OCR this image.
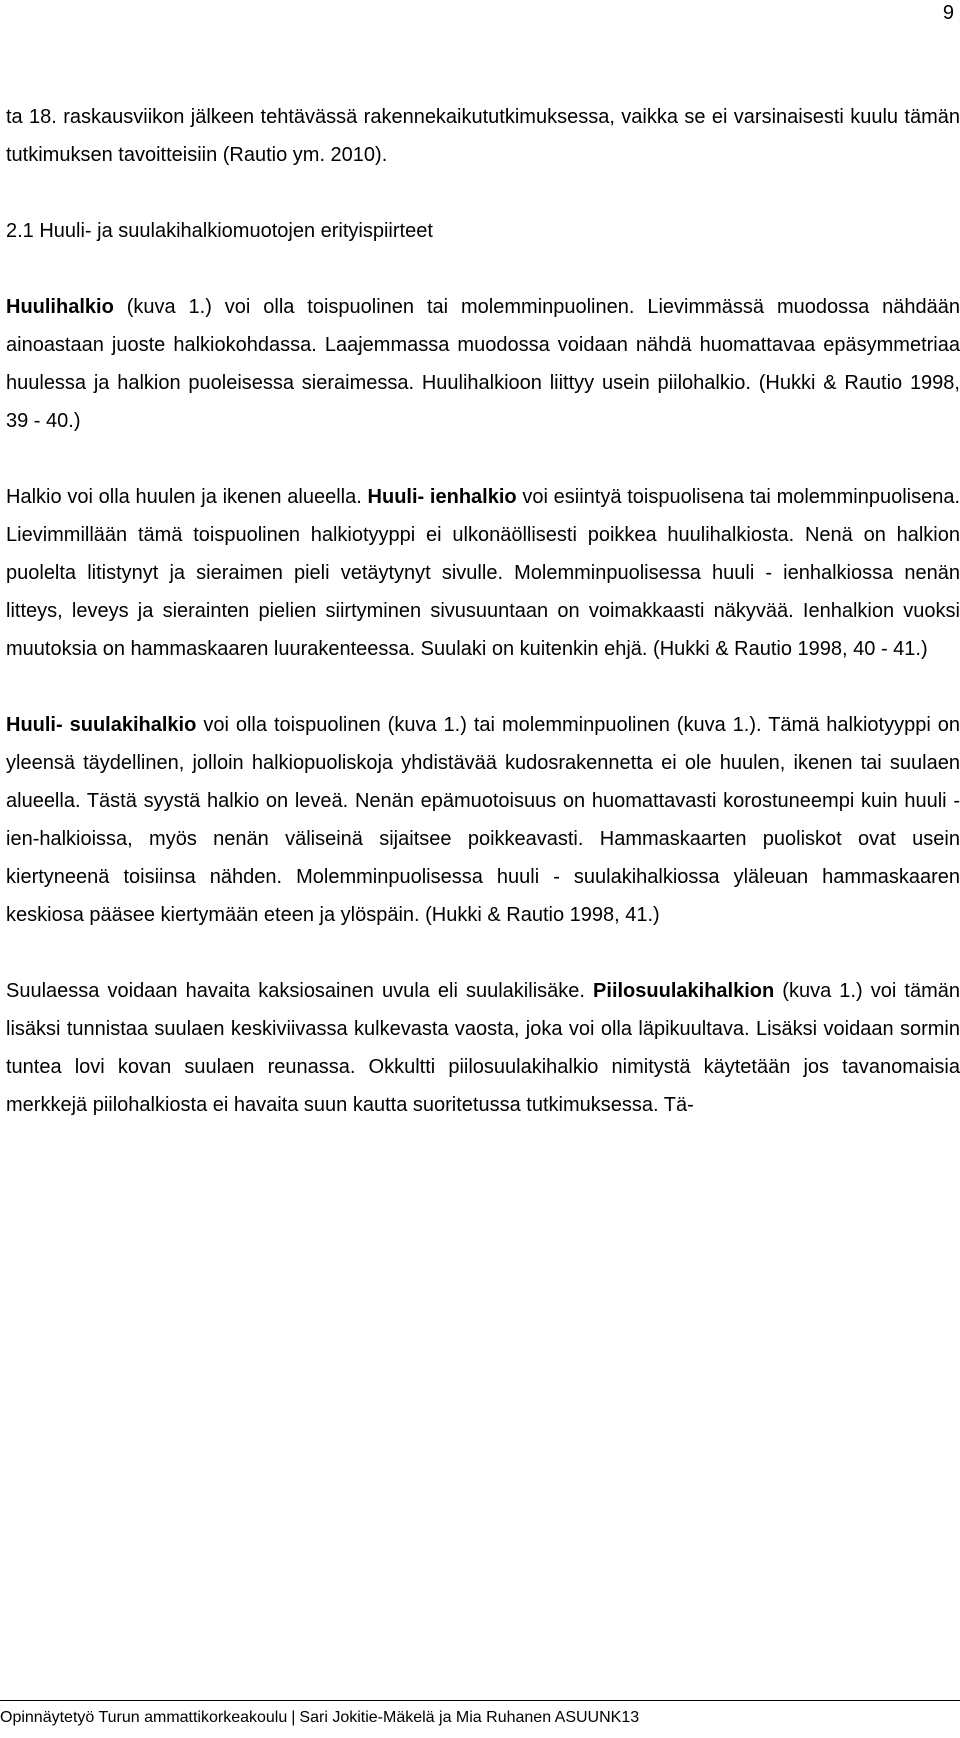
9

ta 18. raskausviikon jälkeen tehtävässä rakennekaikututkimuksessa, vaikka se ei varsinaisesti kuulu tämän tutkimuksen tavoitteisiin (Rautio ym. 2010).

2.1 Huuli- ja suulakihalkiomuotojen erityispiirteet

Huulihalkio (kuva 1.) voi olla toispuolinen tai molemminpuolinen. Lievimmässä muodossa nähdään ainoastaan juoste halkiokohdassa. Laajemmassa muodossa voidaan nähdä huomattavaa epäsymmetriaa huulessa ja halkion puoleisessa sieraimessa. Huulihalkioon liittyy usein piilohalkio. (Hukki & Rautio 1998, 39 - 40.)

Halkio voi olla huulen ja ikenen alueella. Huuli- ienhalkio voi esiintyä toispuolisena tai molemminpuolisena. Lievimmillään tämä toispuolinen halkiotyyppi ei ulkonäöllisesti poikkea huulihalkiosta. Nenä on halkion puolelta litistynyt ja sieraimen pieli vetäytynyt sivulle. Molemminpuolisessa huuli - ienhalkiossa nenän litteys, leveys ja sierainten pielien siirtyminen sivusuuntaan on voimakkaasti näkyvää. Ienhalkion vuoksi muutoksia on hammaskaaren luurakenteessa. Suulaki on kuitenkin ehjä. (Hukki & Rautio 1998, 40 - 41.)

Huuli- suulakihalkio voi olla toispuolinen (kuva 1.) tai molemminpuolinen (kuva 1.). Tämä halkiotyyppi on yleensä täydellinen, jolloin halkiopuoliskoja yhdistävää kudosrakennetta ei ole huulen, ikenen tai suulaen alueella. Tästä syystä halkio on leveä. Nenän epämuotoisuus on huomattavasti korostuneempi kuin huuli - ien-halkioissa, myös nenän väliseinä sijaitsee poikkeavasti. Hammaskaarten puoliskot ovat usein kiertyneenä toisiinsa nähden. Molemminpuolisessa huuli - suulakihalkiossa yläleuan hammaskaaren keskiosa pääsee kiertymään eteen ja ylöspäin. (Hukki & Rautio 1998, 41.)

Suulaessa voidaan havaita kaksiosainen uvula eli suulakilisäke. Piilosuulakihalkion (kuva 1.) voi tämän lisäksi tunnistaa suulaen keskiviivassa kulkevasta vaosta, joka voi olla läpikuultava. Lisäksi voidaan sormin tuntea lovi kovan suulaen reunassa. Okkultti piilosuulakihalkio nimitystä käytetään jos tavanomaisia merkkejä piilohalkiosta ei havaita suun kautta suoritetussa tutkimuksessa. Tä-

Opinnäytetyö Turun ammattikorkeakoulu | Sari Jokitie-Mäkelä ja Mia Ruhanen ASUUNK13
